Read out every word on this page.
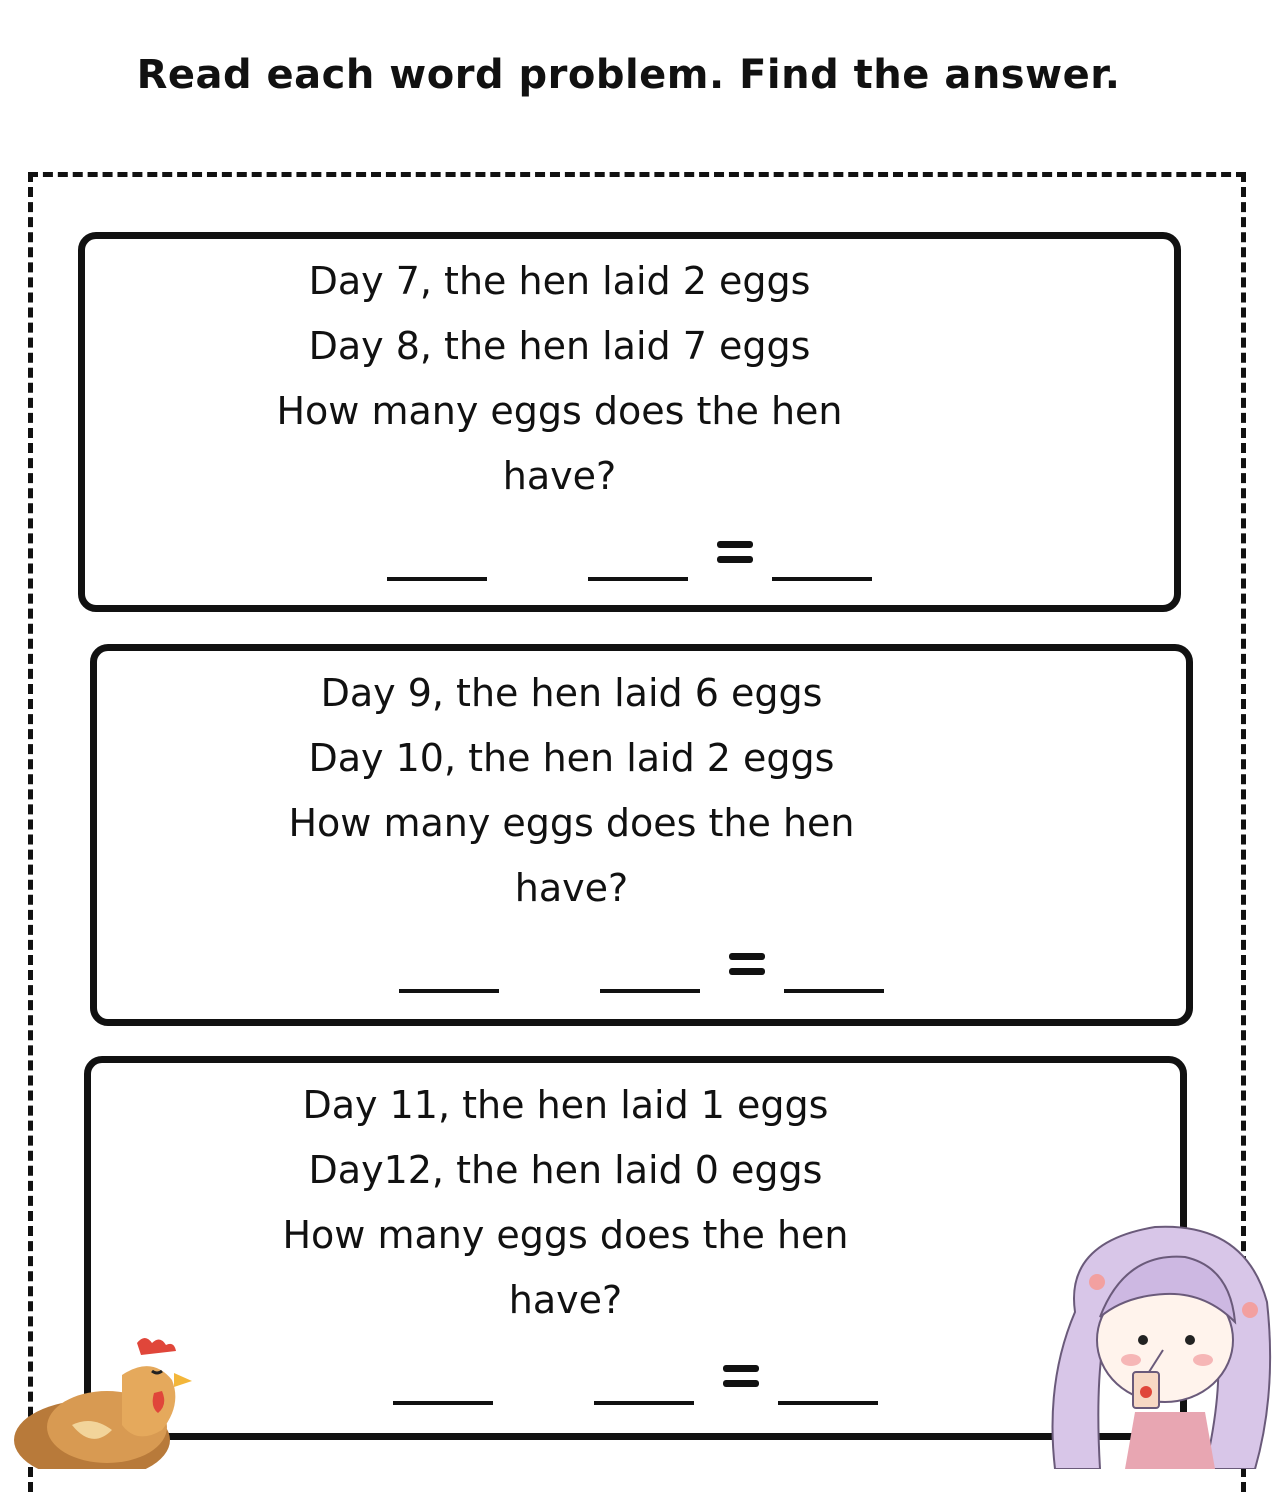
Read each word problem. Find the answer.
Day 7, the hen laid 2 eggs
Day 8, the hen laid 7 eggs
How many eggs does the hen
have?
Day 9, the hen laid 6 eggs
Day 10, the hen laid 2 eggs
How many eggs does the hen
have?
Day 11, the hen laid 1 eggs
Day12, the hen laid 0 eggs
How many eggs does the hen
have?
